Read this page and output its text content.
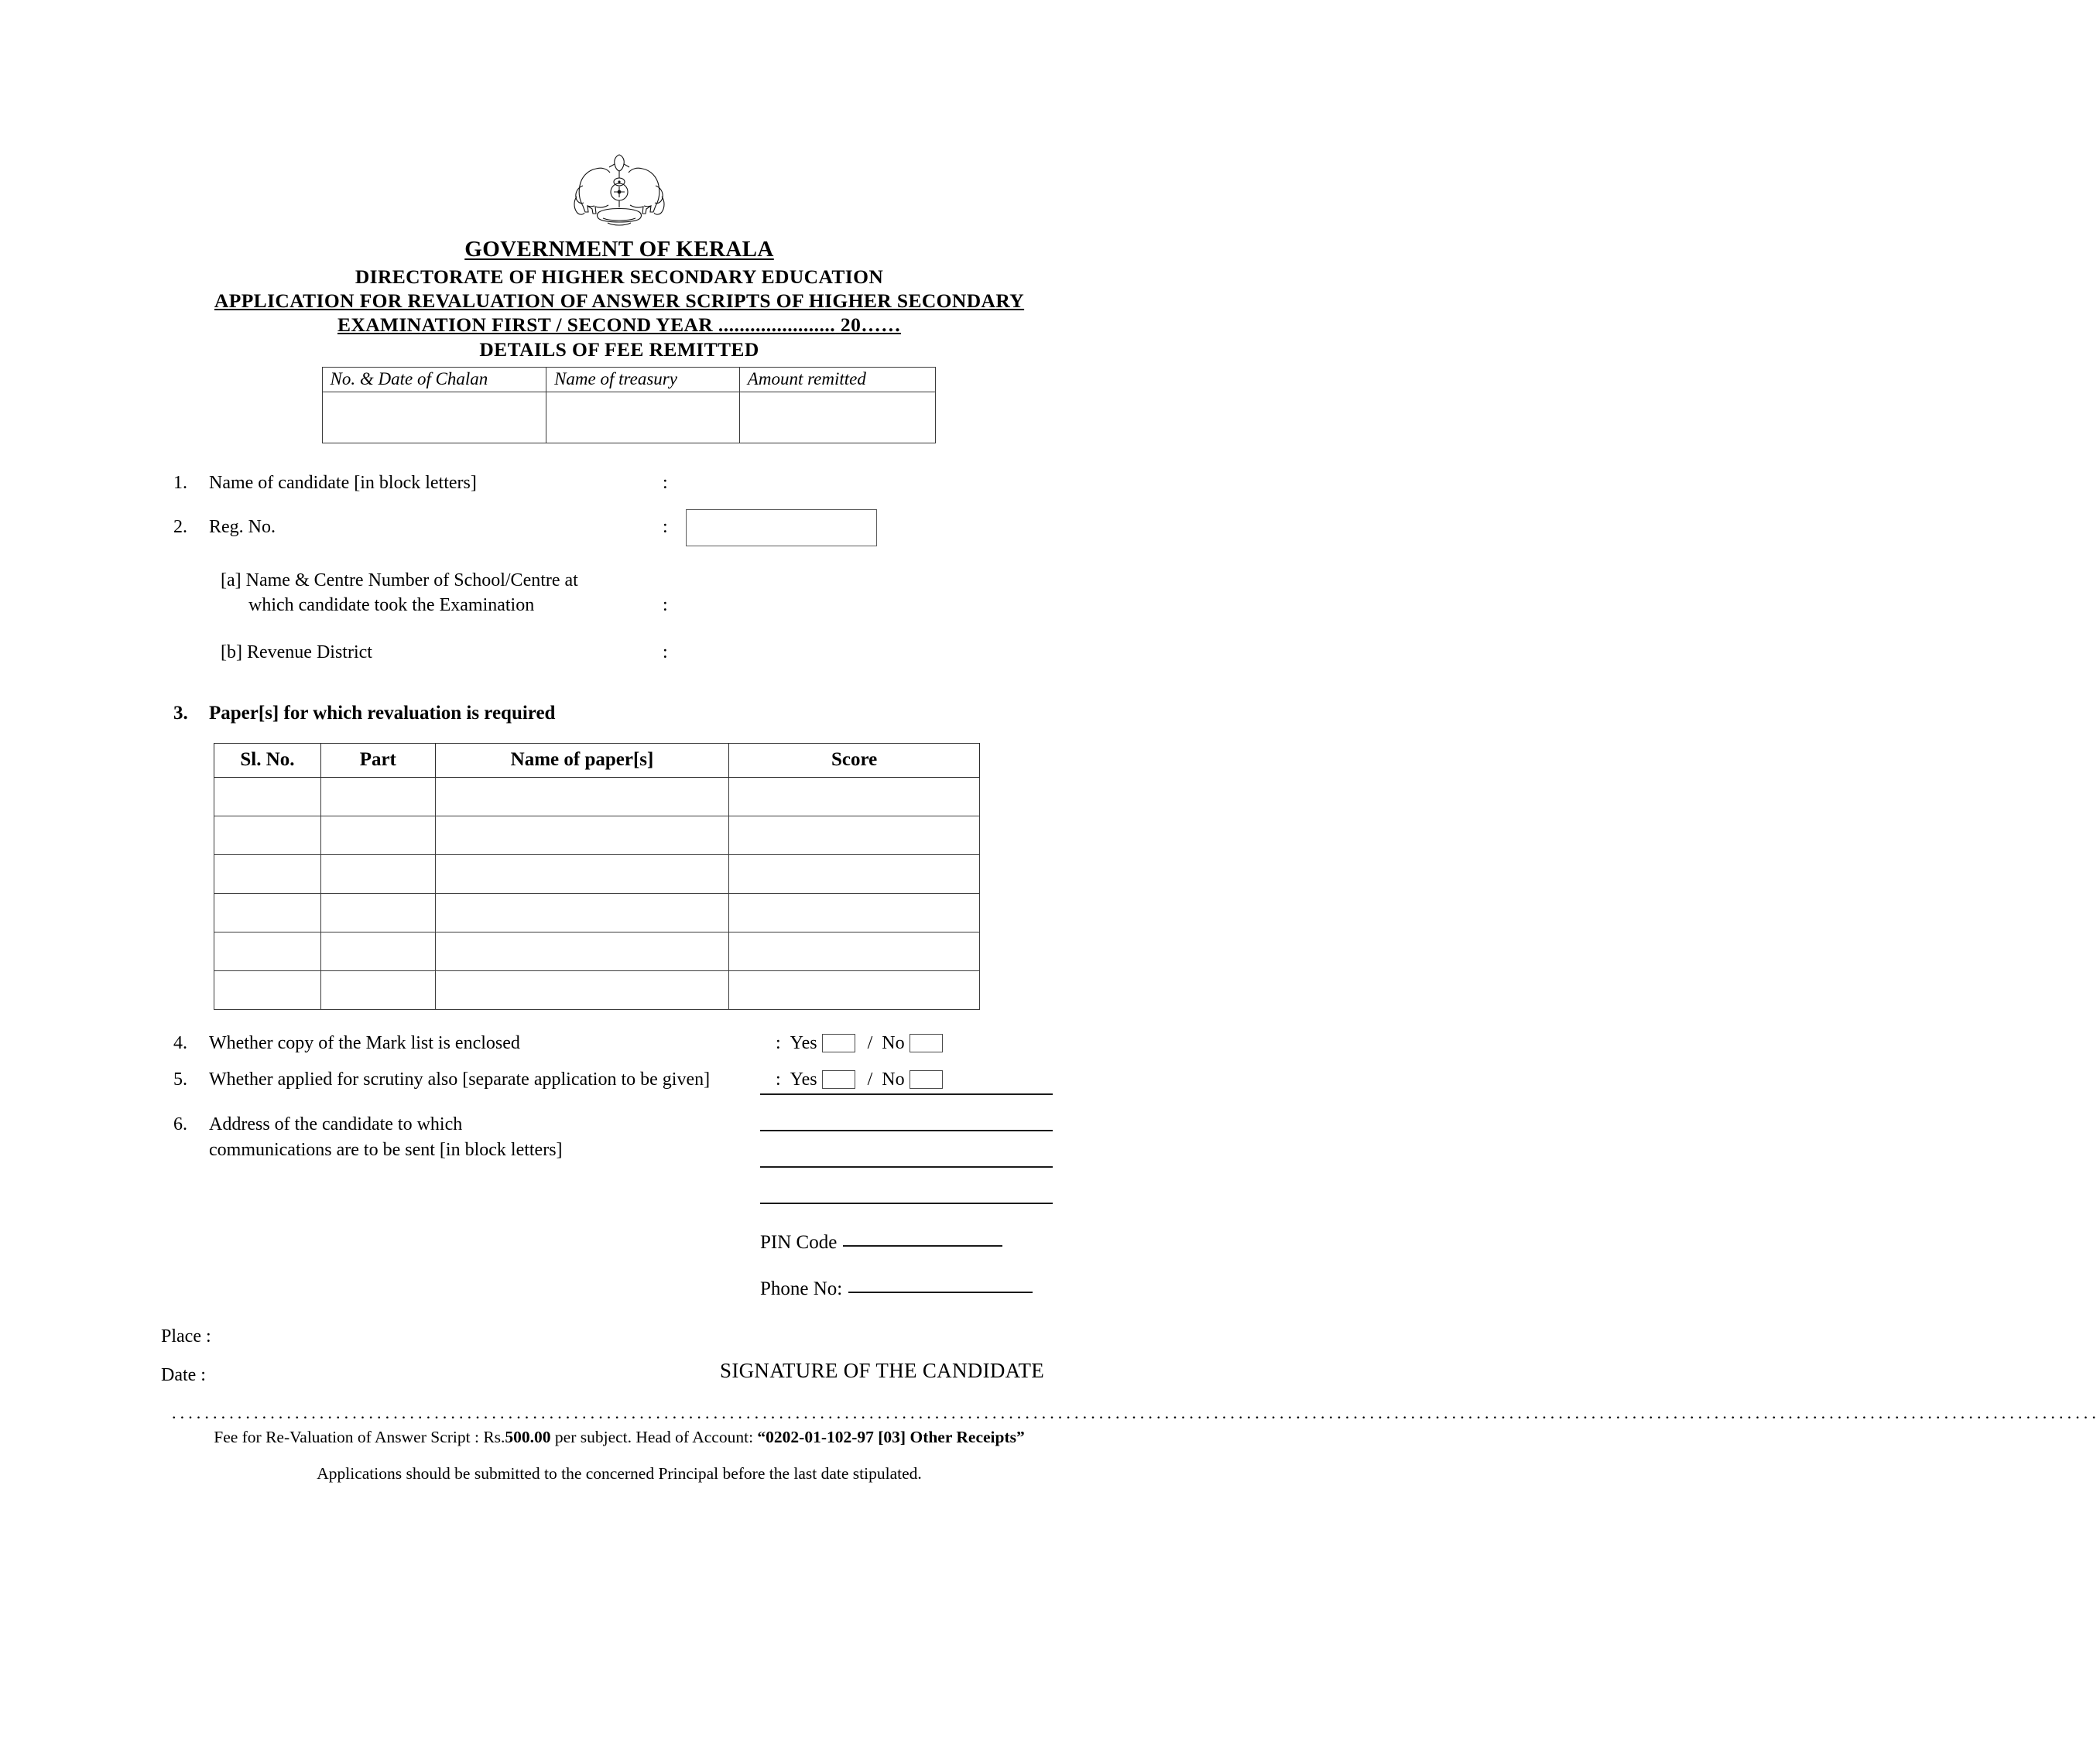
GOVERNMENT OF KERALA
DIRECTORATE OF HIGHER SECONDARY EDUCATION
APPLICATION FOR REVALUATION OF ANSWER SCRIPTS OF HIGHER SECONDARY
EXAMINATION FIRST / SECOND YEAR ...................... 20……
DETAILS OF FEE REMITTED
No. & Date of Chalan	Name of treasury	Amount remitted

1.	Name of candidate [in block letters]	:
2.	Reg. No.	:
[a] Name & Centre Number of School/Centre at
which candidate took the Examination	:
[b] Revenue District	:
3.	Paper[s] for which revaluation is required
Sl. No.	Part	Name of paper[s]	Score

4.	Whether copy of the Mark list is enclosed	: Yes	/ No
5.	Whether applied for scrutiny also [separate application to be given]	: Yes	/ No
6.	Address of the candidate to which
communications are to be sent [in block letters]
PIN Code
Phone No:
Place :
Date :	SIGNATURE OF THE CANDIDATE
...........................................................................................................................................................................................................................................
Fee for Re-Valuation of Answer Script : Rs.500.00 per subject. Head of Account: “0202-01-102-97 [03] Other Receipts”
Applications should be submitted to the concerned Principal before the last date stipulated.
